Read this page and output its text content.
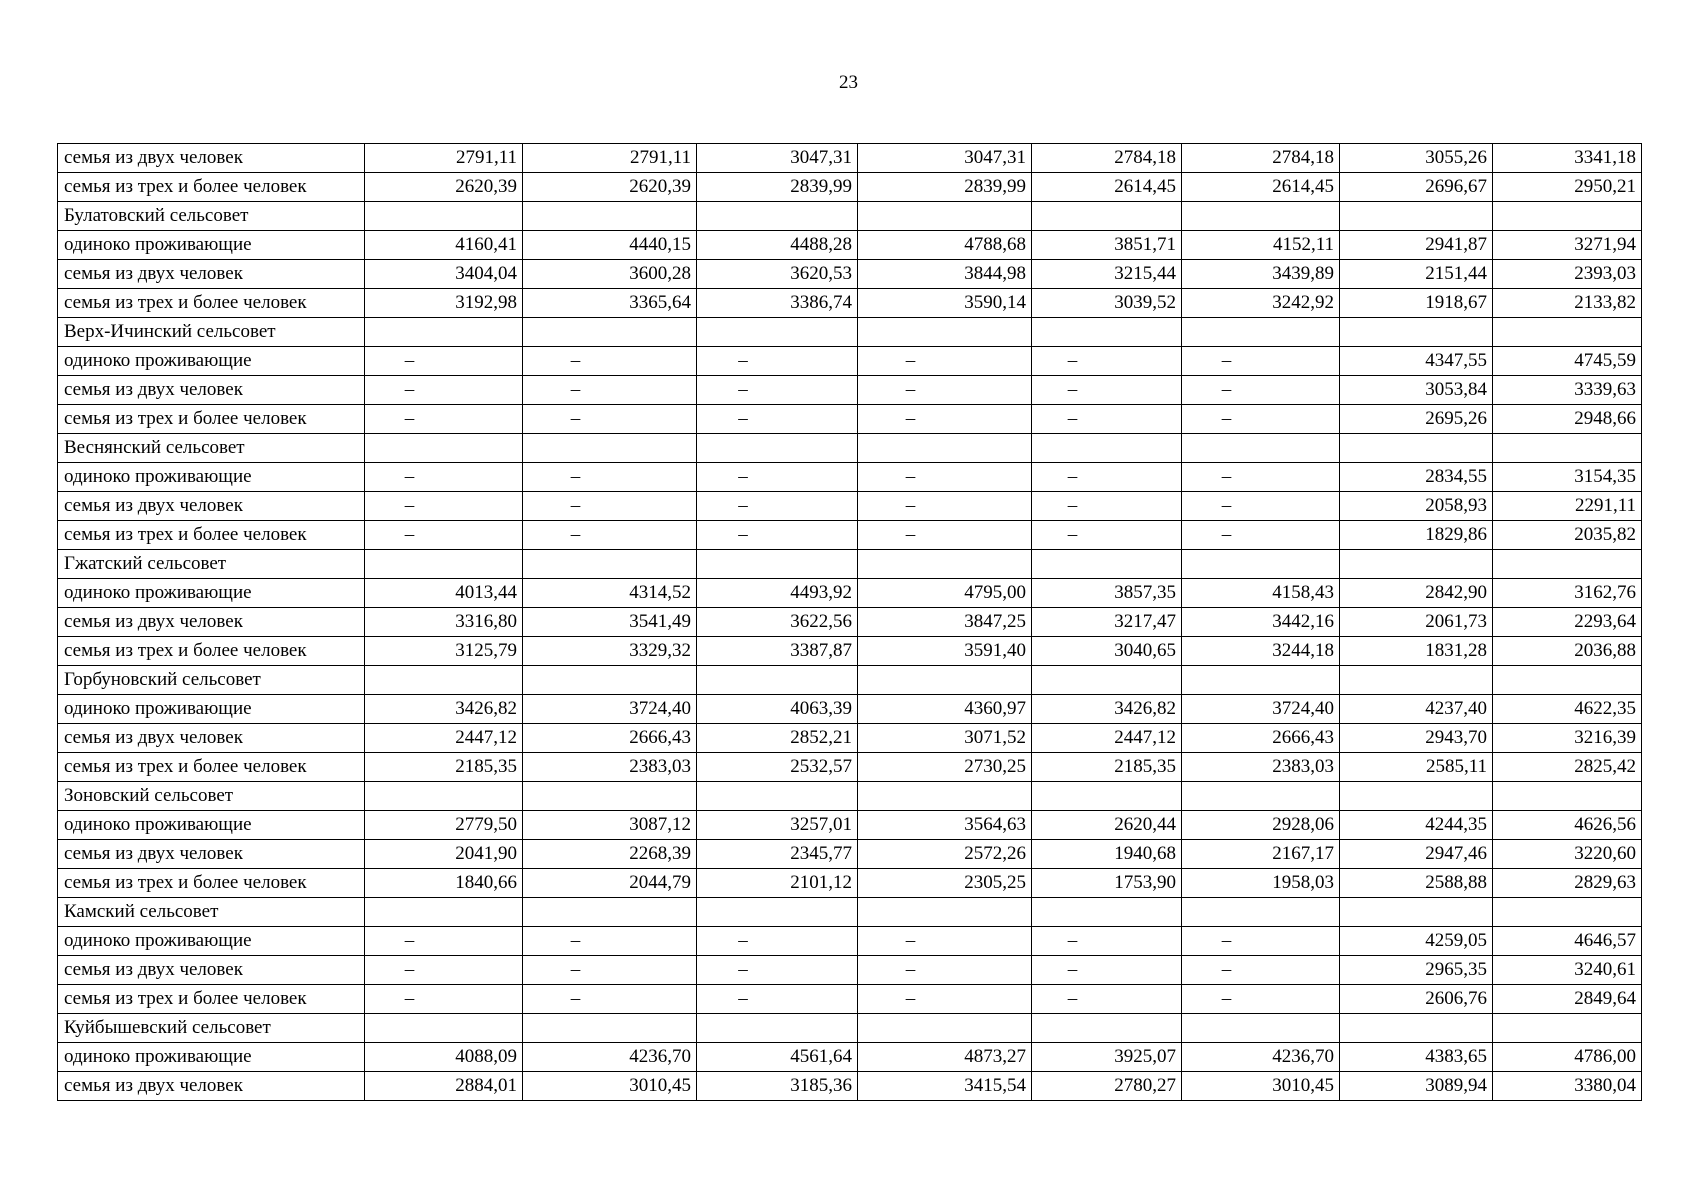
23
семья из двух человек	2791,11	2791,11	3047,31	3047,31	2784,18	2784,18	3055,26	3341,18
семья из трех и более человек	2620,39	2620,39	2839,99	2839,99	2614,45	2614,45	2696,67	2950,21
Булатовский сельсовет								
одиноко проживающие	4160,41	4440,15	4488,28	4788,68	3851,71	4152,11	2941,87	3271,94
семья из двух человек	3404,04	3600,28	3620,53	3844,98	3215,44	3439,89	2151,44	2393,03
семья из трех и более человек	3192,98	3365,64	3386,74	3590,14	3039,52	3242,92	1918,67	2133,82
Верх-Ичинский сельсовет								
одиноко проживающие	–	–	–	–	–	–	4347,55	4745,59
семья из двух человек	–	–	–	–	–	–	3053,84	3339,63
семья из трех и более человек	–	–	–	–	–	–	2695,26	2948,66
Веснянский сельсовет								
одиноко проживающие	–	–	–	–	–	–	2834,55	3154,35
семья из двух человек	–	–	–	–	–	–	2058,93	2291,11
семья из трех и более человек	–	–	–	–	–	–	1829,86	2035,82
Гжатский сельсовет								
одиноко проживающие	4013,44	4314,52	4493,92	4795,00	3857,35	4158,43	2842,90	3162,76
семья из двух человек	3316,80	3541,49	3622,56	3847,25	3217,47	3442,16	2061,73	2293,64
семья из трех и более человек	3125,79	3329,32	3387,87	3591,40	3040,65	3244,18	1831,28	2036,88
Горбуновский сельсовет								
одиноко проживающие	3426,82	3724,40	4063,39	4360,97	3426,82	3724,40	4237,40	4622,35
семья из двух человек	2447,12	2666,43	2852,21	3071,52	2447,12	2666,43	2943,70	3216,39
семья из трех и более человек	2185,35	2383,03	2532,57	2730,25	2185,35	2383,03	2585,11	2825,42
Зоновский сельсовет								
одиноко проживающие	2779,50	3087,12	3257,01	3564,63	2620,44	2928,06	4244,35	4626,56
семья из двух человек	2041,90	2268,39	2345,77	2572,26	1940,68	2167,17	2947,46	3220,60
семья из трех и более человек	1840,66	2044,79	2101,12	2305,25	1753,90	1958,03	2588,88	2829,63
Камский сельсовет								
одиноко проживающие	–	–	–	–	–	–	4259,05	4646,57
семья из двух человек	–	–	–	–	–	–	2965,35	3240,61
семья из трех и более человек	–	–	–	–	–	–	2606,76	2849,64
Куйбышевский сельсовет								
одиноко проживающие	4088,09	4236,70	4561,64	4873,27	3925,07	4236,70	4383,65	4786,00
семья из двух человек	2884,01	3010,45	3185,36	3415,54	2780,27	3010,45	3089,94	3380,04
